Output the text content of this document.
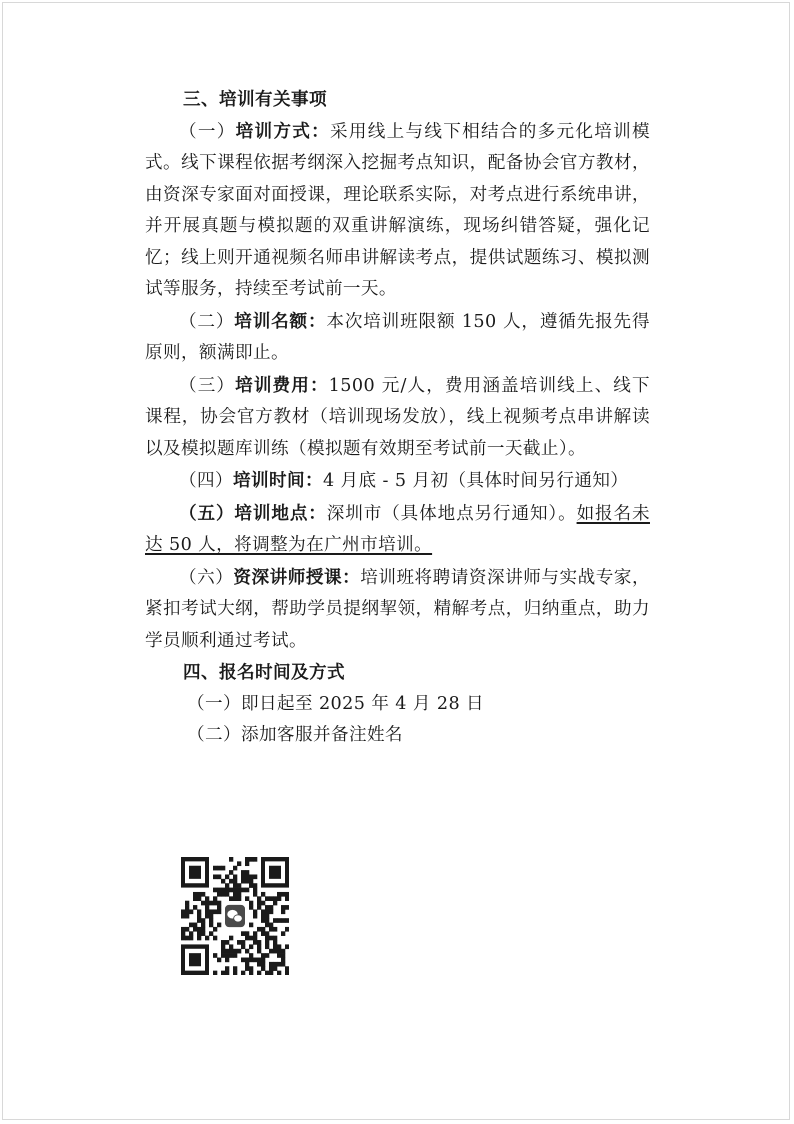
三、培训有关事项

（一）培训方式：采用线上与线下相结合的多元化培训模式。线下课程依据考纲深入挖掘考点知识，配备协会官方教材，由资深专家面对面授课，理论联系实际，对考点进行系统串讲，并开展真题与模拟题的双重讲解演练，现场纠错答疑，强化记忆；线上则开通视频名师串讲解读考点，提供试题练习、模拟测试等服务，持续至考试前一天。

（二）培训名额：本次培训班限额 150 人，遵循先报先得原则，额满即止。

（三）培训费用：1500 元/人，费用涵盖培训线上、线下课程，协会官方教材（培训现场发放），线上视频考点串讲解读以及模拟题库训练（模拟题有效期至考试前一天截止）。

（四）培训时间：4 月底 - 5 月初（具体时间另行通知）

（五）培训地点：深圳市（具体地点另行通知）。如报名未达 50 人，将调整为在广州市培训。

（六）资深讲师授课：培训班将聘请资深讲师与实战专家，紧扣考试大纲，帮助学员提纲挈领，精解考点，归纳重点，助力学员顺利通过考试。

四、报名时间及方式
（一）即日起至 2025 年 4 月 28 日
（二）添加客服并备注姓名
